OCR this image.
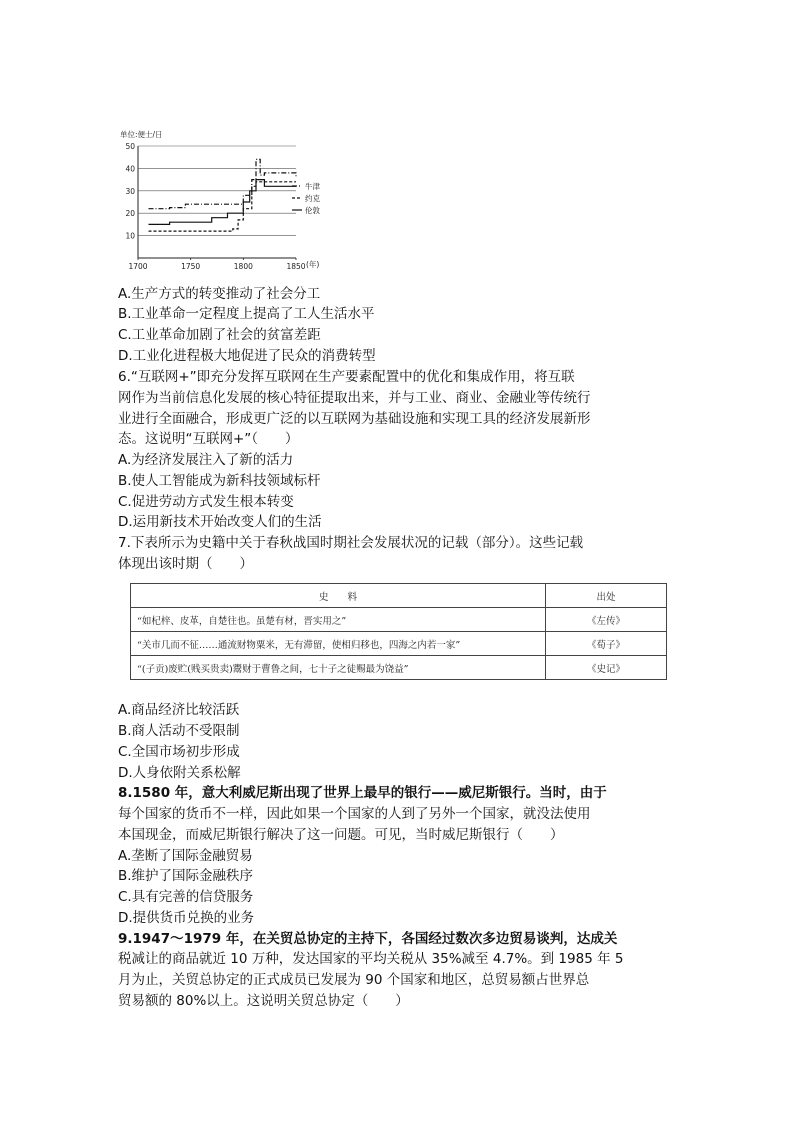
单位:便士/日
10
20
30
40
50
1700	1750	1800	1850
牛津
约克
伦敦
(年)
A.生产方式的转变推动了社会分工
B.工业革命一定程度上提高了工人生活水平
C.工业革命加剧了社会的贫富差距
D.工业化进程极大地促进了民众的消费转型
6.“互联网+”即充分发挥互联网在生产要素配置中的优化和集成作用，将互联
网作为当前信息化发展的核心特征提取出来，并与工业、商业、金融业等传统行
业进行全面融合，形成更广泛的以互联网为基础设施和实现工具的经济发展新形
态。这说明“互联网+”（　　）
A.为经济发展注入了新的活力
B.使人工智能成为新科技领域标杆
C.促进劳动方式发生根本转变
D.运用新技术开始改变人们的生活
7.下表所示为史籍中关于春秋战国时期社会发展状况的记载（部分）。这些记载
体现出该时期（　　）
史　　料	出处
“如杞梓、皮革，自楚往也。虽楚有材，晋实用之”	《左传》
“关市几而不征……通流财物粟米，无有滞留，使相归移也，四海之内若一家”	《荀子》
“(子贡)废贮(贱买贵卖)鬻财于曹鲁之间，七十子之徒赐最为饶益”	《史记》
A.商品经济比较活跃
B.商人活动不受限制
C.全国市场初步形成
D.人身依附关系松解
8.1580 年，意大利威尼斯出现了世界上最早的银行——威尼斯银行。当时，由于
每个国家的货币不一样，因此如果一个国家的人到了另外一个国家，就没法使用
本国现金，而威尼斯银行解决了这一问题。可见，当时威尼斯银行（　　）
A.垄断了国际金融贸易
B.维护了国际金融秩序
C.具有完善的信贷服务
D.提供货币兑换的业务
9.1947～1979 年，在关贸总协定的主持下，各国经过数次多边贸易谈判，达成关
税减让的商品就近 10 万种，发达国家的平均关税从 35%减至 4.7%。到 1985 年 5
月为止，关贸总协定的正式成员已发展为 90 个国家和地区，总贸易额占世界总
贸易额的 80%以上。这说明关贸总协定（　　）
